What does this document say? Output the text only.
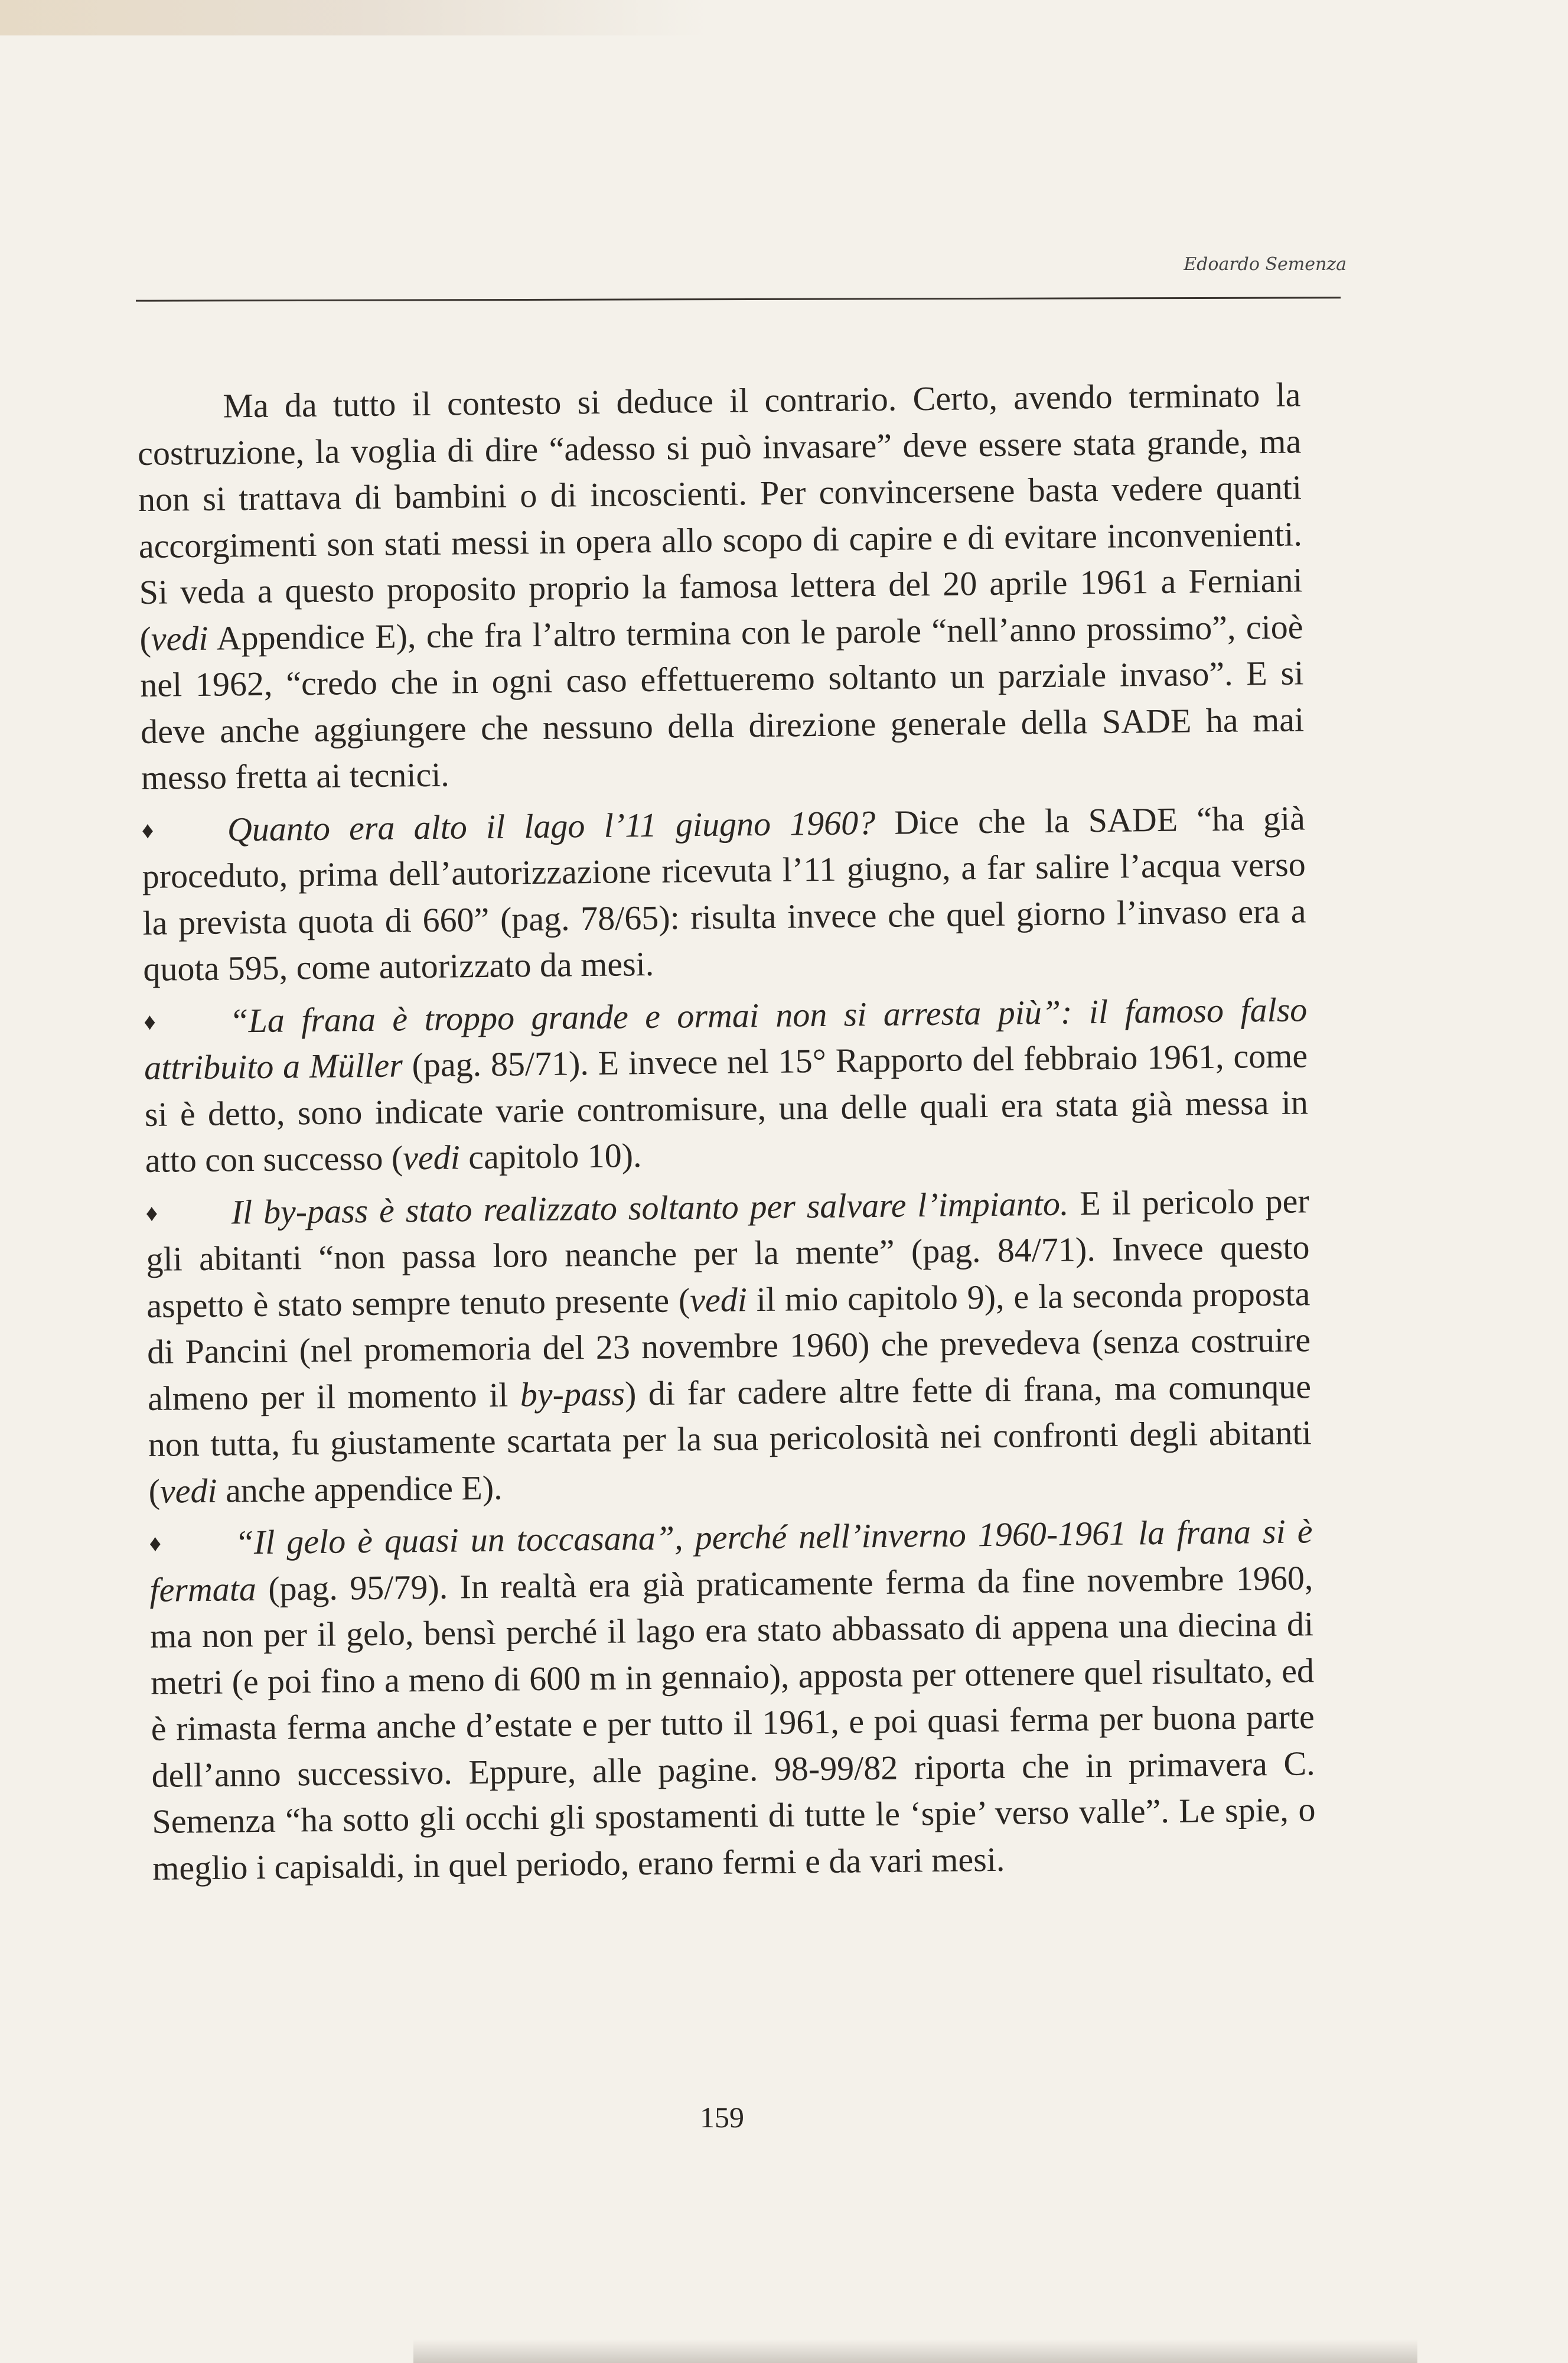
Edoardo Semenza

Ma da tutto il contesto si deduce il contrario. Certo, avendo terminato la costruzione, la voglia di dire “adesso si può invasare” deve essere stata grande, ma non si trattava di bambini o di incoscienti. Per convincersene basta vedere quanti accorgimenti son stati messi in opera allo scopo di capire e di evitare inconvenienti. Si veda a questo proposito proprio la famosa lettera del 20 aprile 1961 a Ferniani (vedi Appendice E), che fra l’altro termina con le parole “nell’anno prossimo”, cioè nel 1962, “credo che in ogni caso effettueremo soltanto un parziale invaso”. E si deve anche aggiungere che nessuno della direzione generale della SADE ha mai messo fretta ai tecnici.

♦ Quanto era alto il lago l’11 giugno 1960? Dice che la SADE “ha già proceduto, prima dell’autorizzazione ricevuta l’11 giugno, a far salire l’acqua verso la prevista quota di 660” (pag. 78/65): risulta invece che quel giorno l’invaso era a quota 595, come autorizzato da mesi.

♦ “La frana è troppo grande e ormai non si arresta più”: il famoso falso attribuito a Müller (pag. 85/71). E invece nel 15° Rapporto del febbraio 1961, come si è detto, sono indicate varie contromisure, una delle quali era stata già messa in atto con successo (vedi capitolo 10).

♦ Il by-pass è stato realizzato soltanto per salvare l’impianto. E il pericolo per gli abitanti “non passa loro neanche per la mente” (pag. 84/71). Invece questo aspetto è stato sempre tenuto presente (vedi il mio capitolo 9), e la seconda proposta di Pancini (nel promemoria del 23 novembre 1960) che prevedeva (senza costruire almeno per il momento il by-pass) di far cadere altre fette di frana, ma comunque non tutta, fu giustamente scartata per la sua pericolosità nei confronti degli abitanti (vedi anche appendice E).

♦ “Il gelo è quasi un toccasana”, perché nell’inverno 1960-1961 la frana si è fermata (pag. 95/79). In realtà era già praticamente ferma da fine novembre 1960, ma non per il gelo, bensì perché il lago era stato abbassato di appena una diecina di metri (e poi fino a meno di 600 m in gennaio), apposta per ottenere quel risultato, ed è rimasta ferma anche d’estate e per tutto il 1961, e poi quasi ferma per buona parte dell’anno successivo. Eppure, alle pagine. 98-99/82 riporta che in primavera C. Semenza “ha sotto gli occhi gli spostamenti di tutte le ‘spie’ verso valle”. Le spie, o meglio i capisaldi, in quel periodo, erano fermi e da vari mesi.

159
